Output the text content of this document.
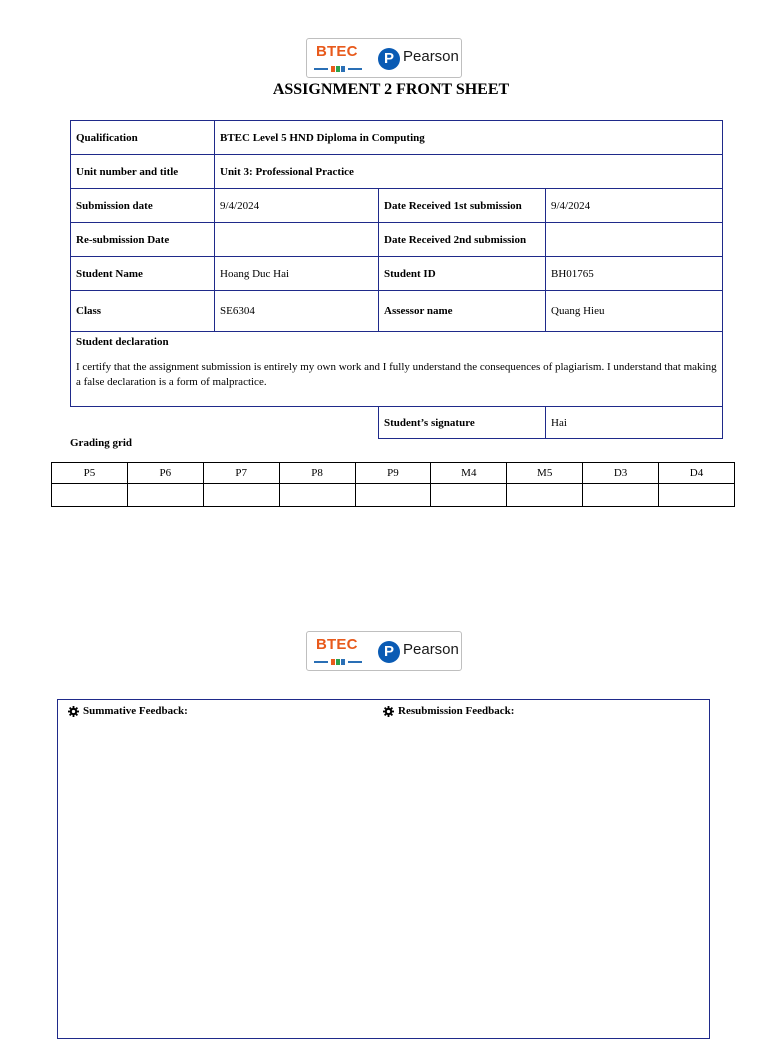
BTEC	P Pearson
ASSIGNMENT 2 FRONT SHEET
Qualification	BTEC Level 5 HND Diploma in Computing		
Unit number and title	Unit 3: Professional Practice		
Submission date	9/4/2024	Date Received 1st submission	9/4/2024
Re-submission Date		Date Received 2nd submission	
Student Name	Hoang Duc Hai	Student ID	BH01765
Class	SE6304	Assessor name	Quang Hieu

Student declaration
I certify that the assignment submission is entirely my own work and I fully understand the consequences of plagiarism. I understand that making a false declaration is a form of malpractice.			

		Student’s signature	Hai
Grading grid
P5	P6	P7	P8	P9	M4	M5	D3	D4

BTEC	P Pearson
Summative Feedback:	Resubmission Feedback:
